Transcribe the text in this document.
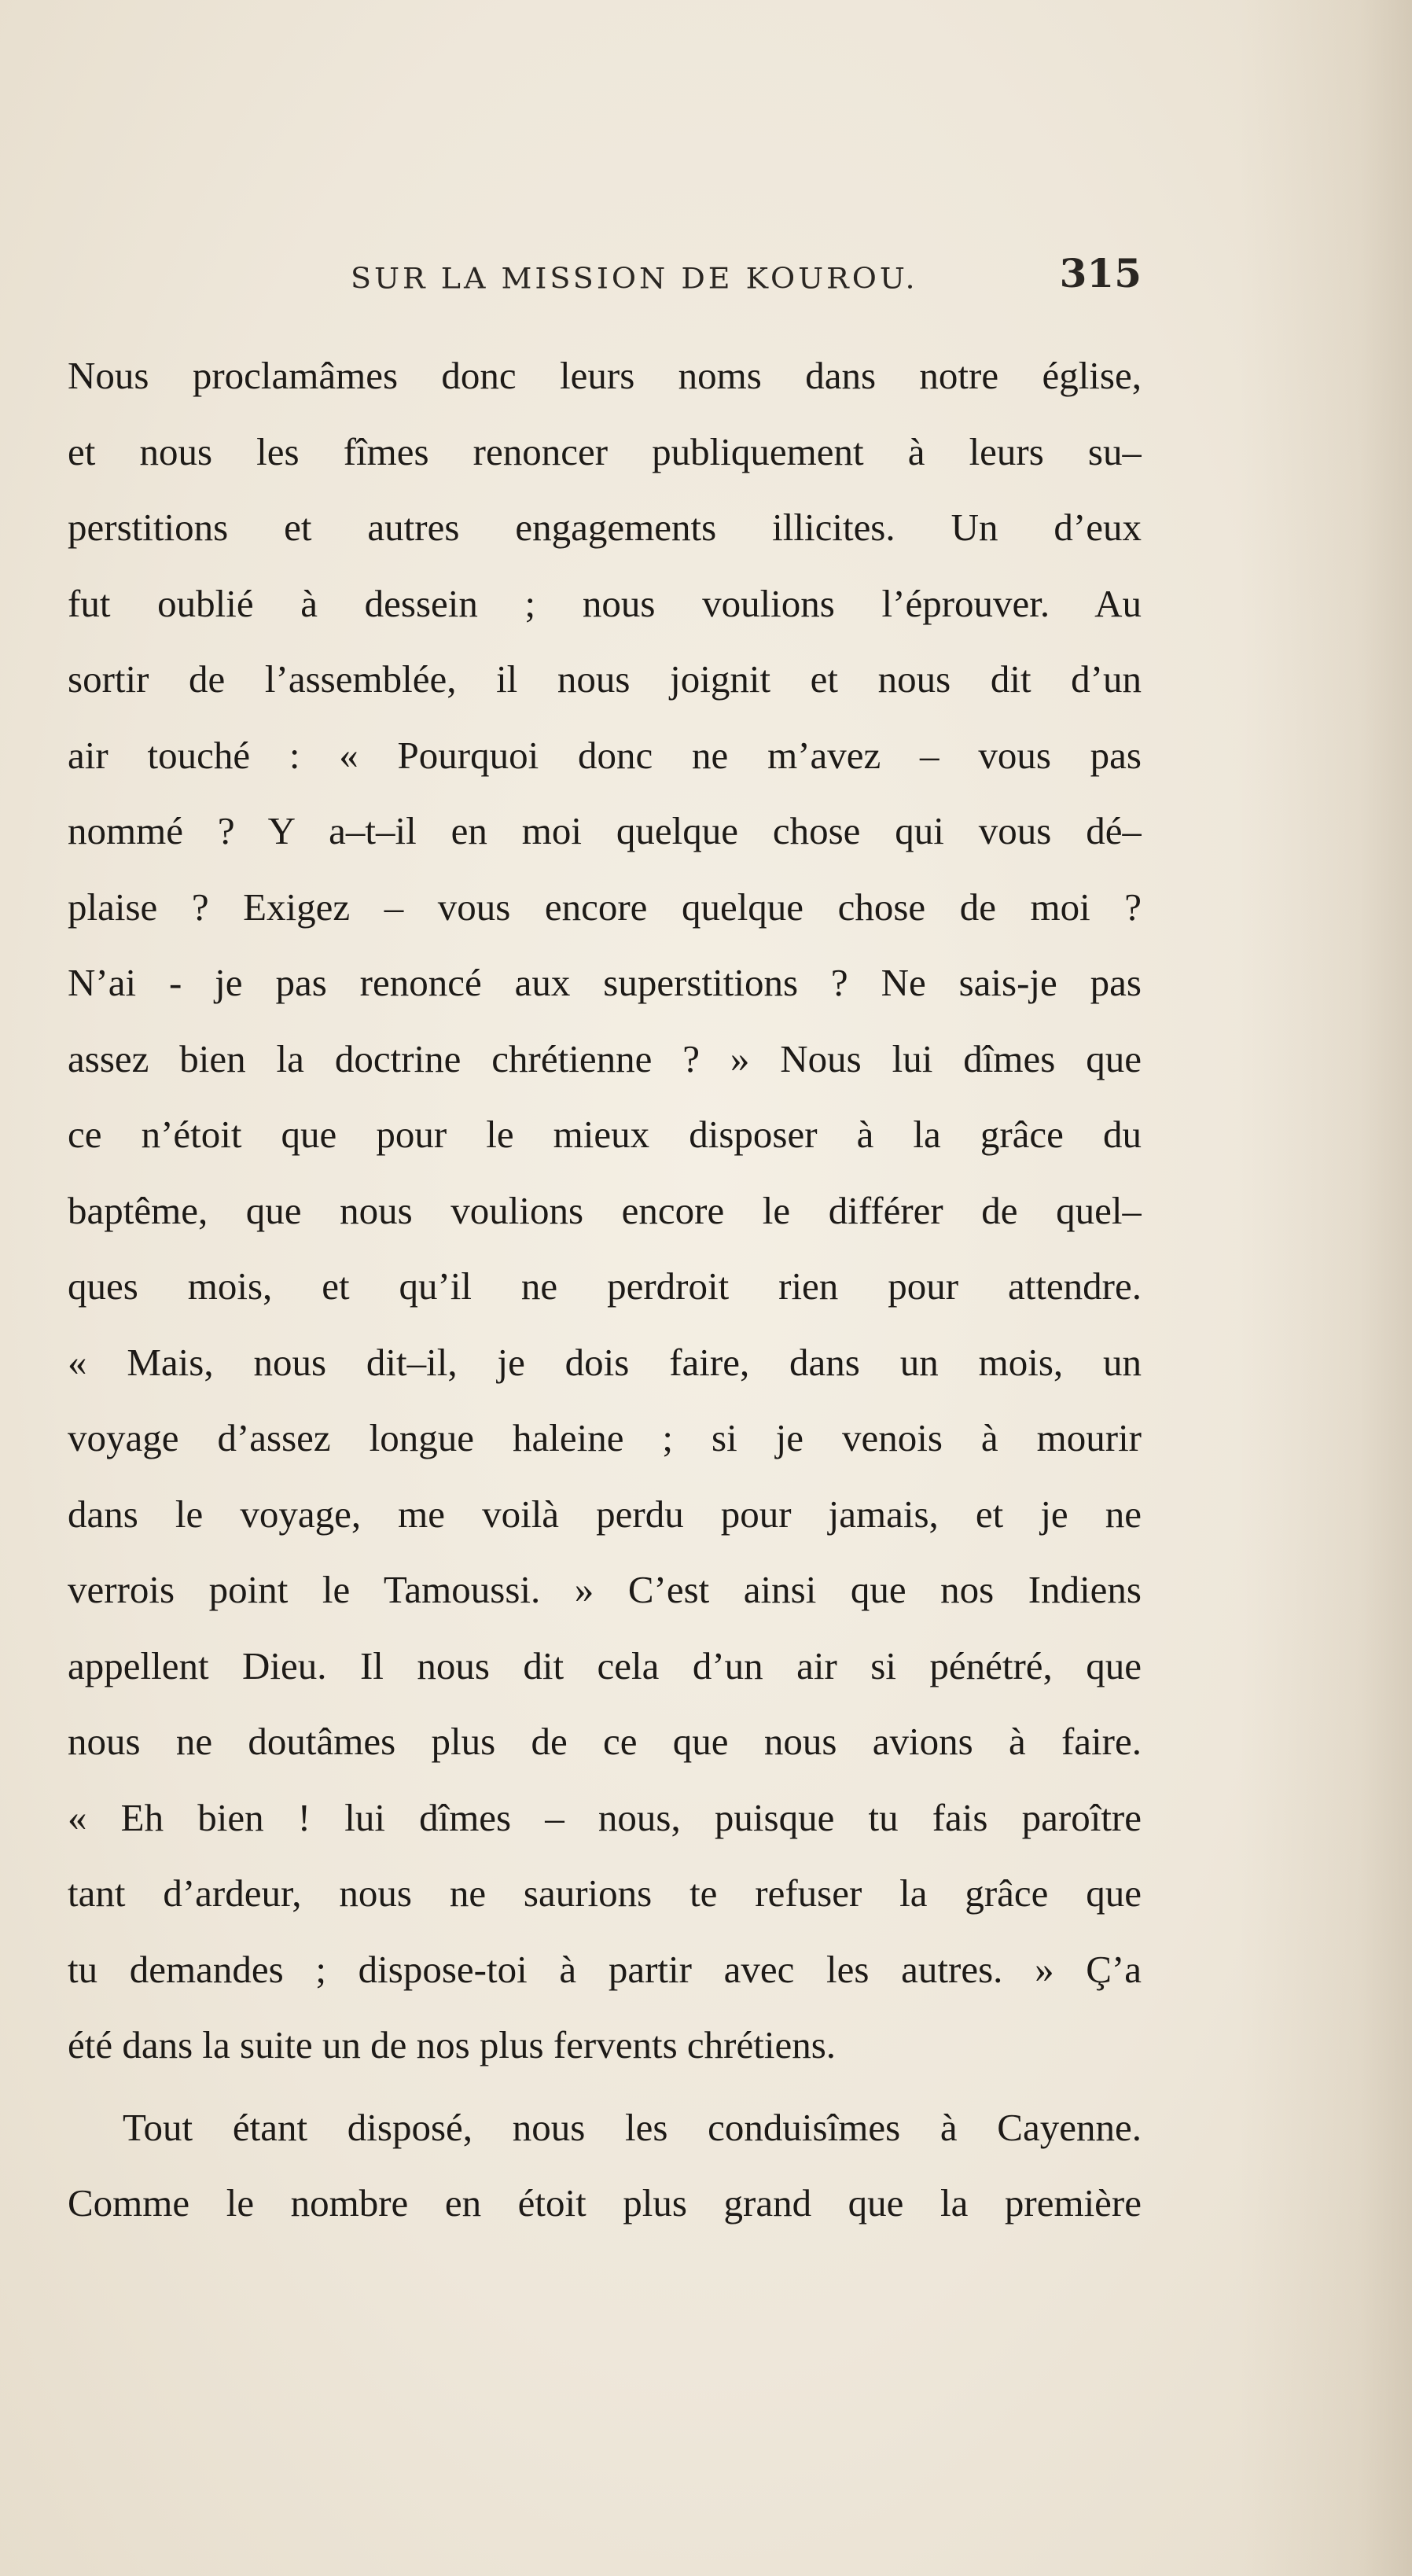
SUR LA MISSION DE KOUROU.	315
Nous proclamâmes donc leurs noms dans notre église,
et nous les fîmes renoncer publiquement à leurs su–
perstitions et autres engagements illicites. Un d’eux
fut oublié à dessein ; nous voulions l’éprouver. Au
sortir de l’assemblée, il nous joignit et nous dit d’un
air touché : « Pourquoi donc ne m’avez – vous pas
nommé ? Y a–t–il en moi quelque chose qui vous dé–
plaise ? Exigez – vous encore quelque chose de moi ?
N’ai - je pas renoncé aux superstitions ? Ne sais-je pas
assez bien la doctrine chrétienne ? » Nous lui dîmes que
ce n’étoit que pour le mieux disposer à la grâce du
baptême, que nous voulions encore le différer de quel–
ques mois, et qu’il ne perdroit rien pour attendre.
« Mais, nous dit–il, je dois faire, dans un mois, un
voyage d’assez longue haleine ; si je venois à mourir
dans le voyage, me voilà perdu pour jamais, et je ne
verrois point le Tamoussi. » C’est ainsi que nos Indiens
appellent Dieu. Il nous dit cela d’un air si pénétré, que
nous ne doutâmes plus de ce que nous avions à faire.
« Eh bien ! lui dîmes – nous, puisque tu fais paroître
tant d’ardeur, nous ne saurions te refuser la grâce que
tu demandes ; dispose-toi à partir avec les autres. » Ç’a
été dans la suite un de nos plus fervents chrétiens.
Tout étant disposé, nous les conduisîmes à Cayenne.
Comme le nombre en étoit plus grand que la première
